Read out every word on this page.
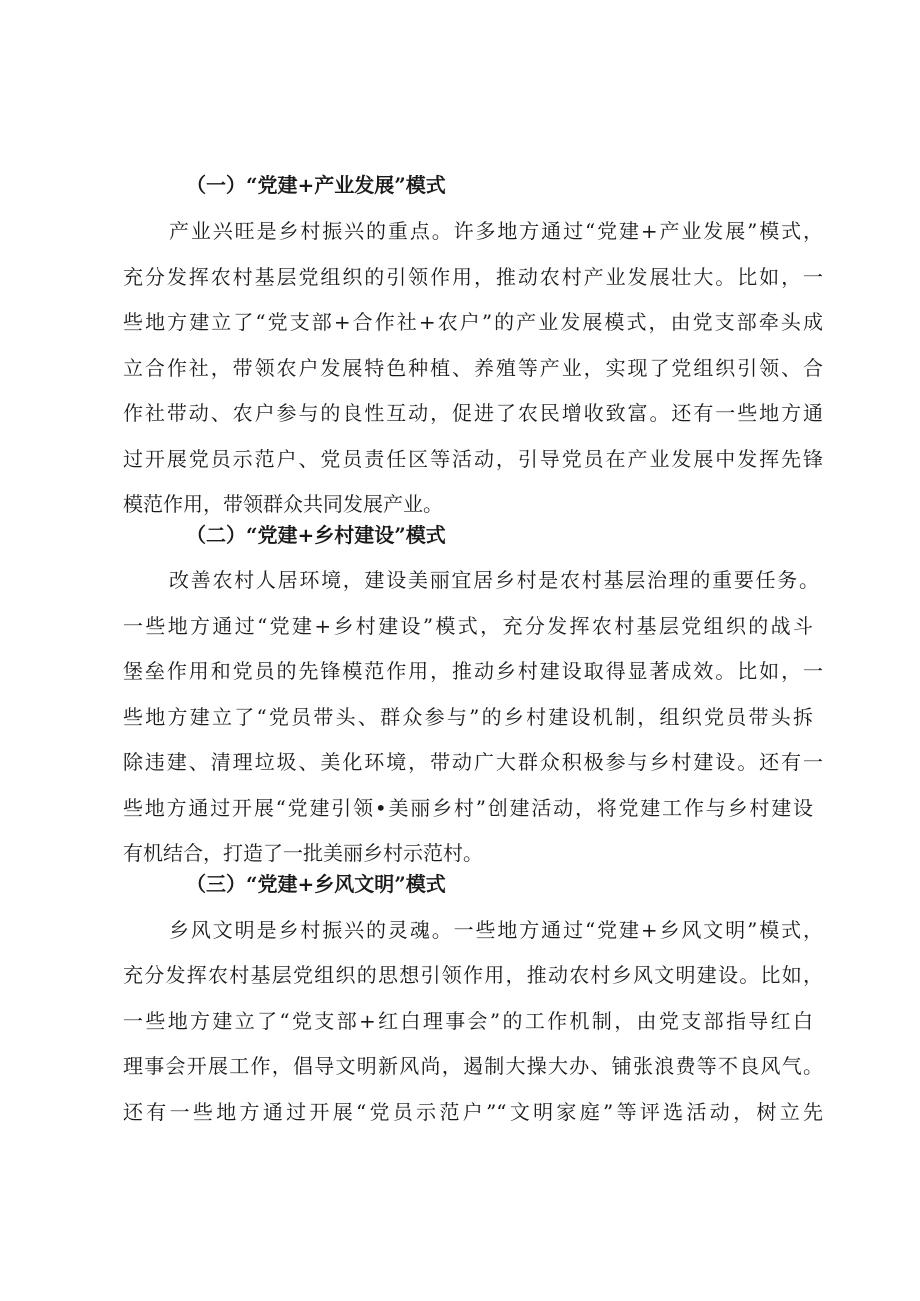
（一）“党建+产业发展”模式
产业兴旺是乡村振兴的重点。许多地方通过“党建+产业发展”模式，
充分发挥农村基层党组织的引领作用，推动农村产业发展壮大。比如，一
些地方建立了“党支部+合作社+农户”的产业发展模式，由党支部牵头成
立合作社，带领农户发展特色种植、养殖等产业，实现了党组织引领、合
作社带动、农户参与的良性互动，促进了农民增收致富。还有一些地方通
过开展党员示范户、党员责任区等活动，引导党员在产业发展中发挥先锋
模范作用，带领群众共同发展产业。
（二）“党建+乡村建设”模式
改善农村人居环境，建设美丽宜居乡村是农村基层治理的重要任务。
一些地方通过“党建+乡村建设”模式，充分发挥农村基层党组织的战斗
堡垒作用和党员的先锋模范作用，推动乡村建设取得显著成效。比如，一
些地方建立了“党员带头、群众参与”的乡村建设机制，组织党员带头拆
除违建、清理垃圾、美化环境，带动广大群众积极参与乡村建设。还有一
些地方通过开展“党建引领•美丽乡村”创建活动，将党建工作与乡村建设
有机结合，打造了一批美丽乡村示范村。
（三）“党建+乡风文明”模式
乡风文明是乡村振兴的灵魂。一些地方通过“党建+乡风文明”模式，
充分发挥农村基层党组织的思想引领作用，推动农村乡风文明建设。比如，
一些地方建立了“党支部+红白理事会”的工作机制，由党支部指导红白
理事会开展工作，倡导文明新风尚，遏制大操大办、铺张浪费等不良风气。
还有一些地方通过开展“党员示范户”“文明家庭”等评选活动，树立先
